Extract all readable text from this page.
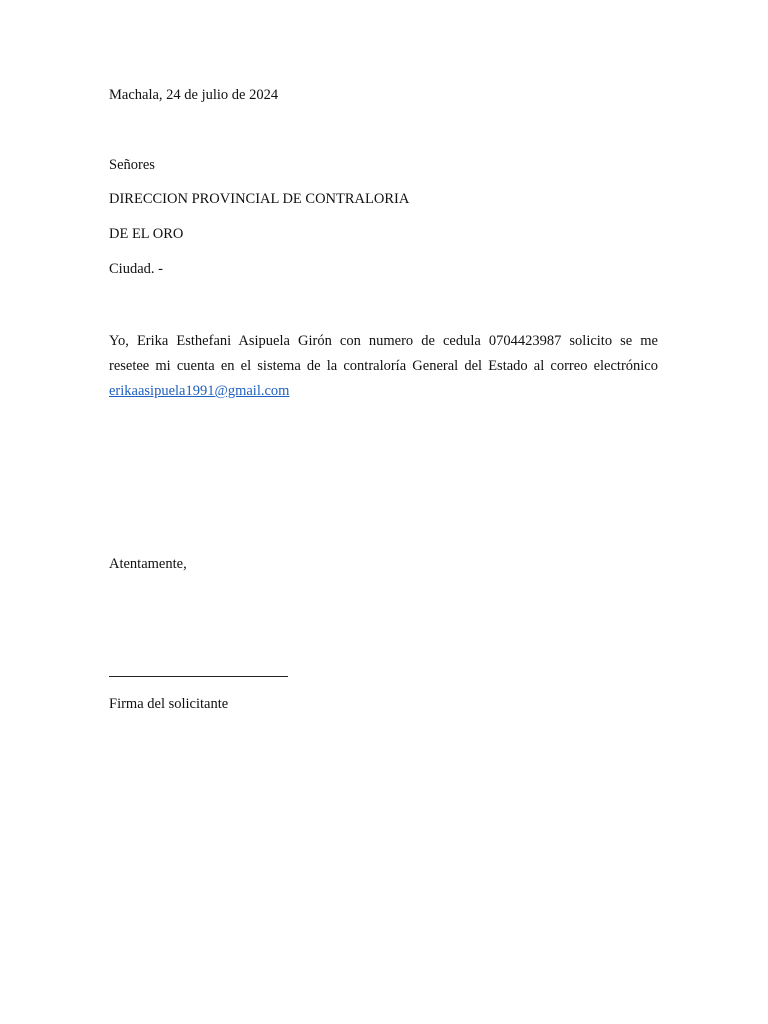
Machala, 24 de julio de 2024
Señores
DIRECCION PROVINCIAL DE CONTRALORIA
DE EL ORO
Ciudad. -
Yo, Erika Esthefani Asipuela Girón con numero de cedula 0704423987 solicito se me
resetee mi cuenta en el sistema de la contraloría General del Estado al correo electrónico
erikaasipuela1991@gmail.com
Atentamente,
Firma del solicitante
